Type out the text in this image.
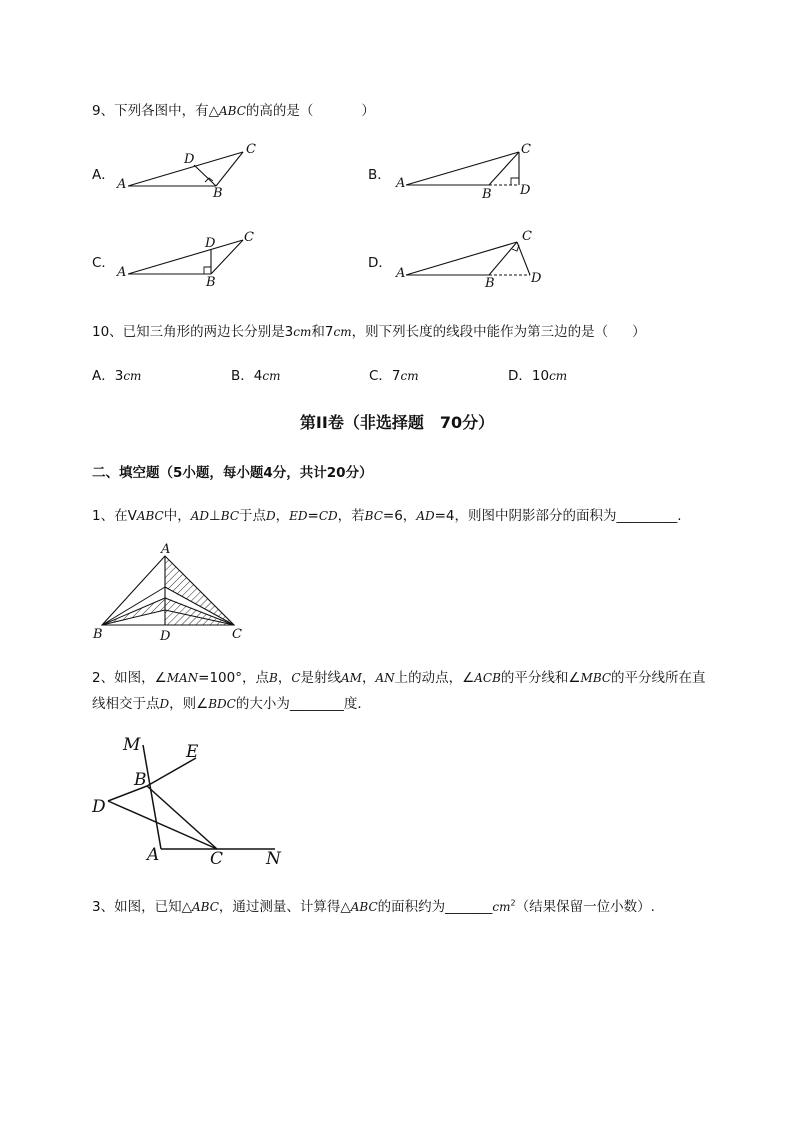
9、下列各图中，有△ABC的高的是（	）
A．
A
B
C
D
B．
A
B
C
D
C．
A
B
C
D
D．
A
B
C
D
10、已知三角形的两边长分别是3cm和7cm，则下列长度的线段中能作为第三边的是（ ）
A．3cm	B．4cm	C．7cm	D．10cm
第II卷（非选择题　70分）
二、填空题（5小题，每小题4分，共计20分）
1、在VABC中，AD⊥BC于点D，ED=CD，若BC=6，AD=4，则图中阴影部分的面积为_________.
A
B	C
D
2、如图，∠MAN=100°，点B，C是射线AM，AN上的动点，∠ACB的平分线和∠MBC的平分线所在直
线相交于点D，则∠BDC的大小为________度．
M	E
B
D
A	C	N
3、如图，已知△ABC，通过测量、计算得△ABC的面积约为$\_\_\_\_\_\_\_cm^2$（结果保留一位小数）.
